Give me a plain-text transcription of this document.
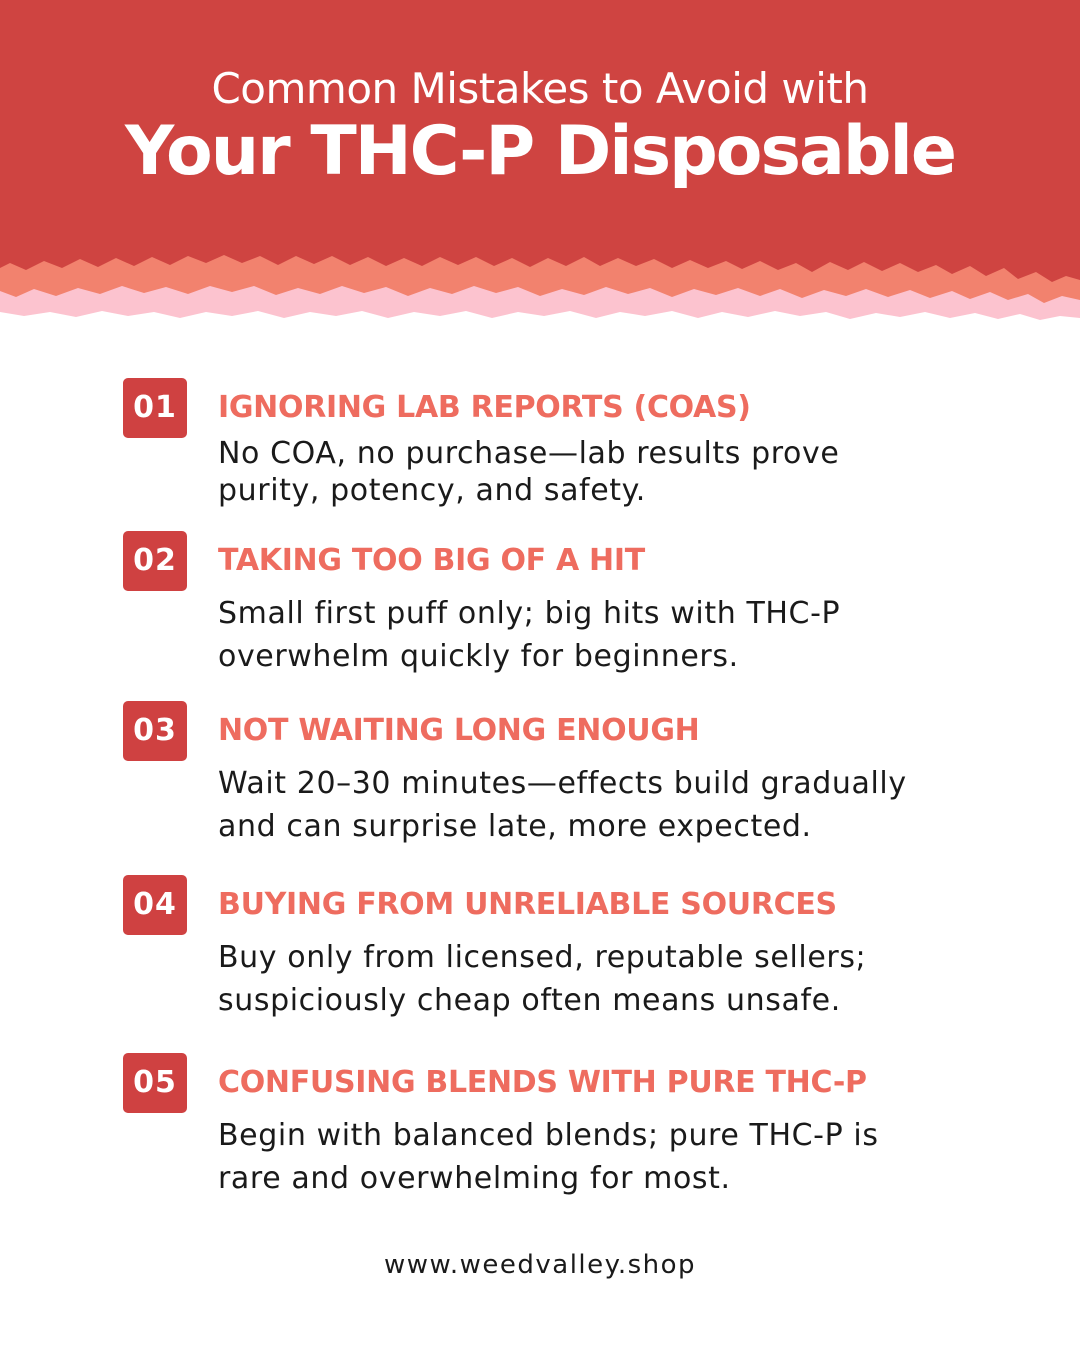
Common Mistakes to Avoid with
Your THC-P Disposable
01	IGNORING LAB REPORTS (COAS)
No COA, no purchase—lab results prove
purity, potency, and safety.
02	TAKING TOO BIG OF A HIT
Small first puff only; big hits with THC-P
overwhelm quickly for beginners.
03	NOT WAITING LONG ENOUGH
Wait 20–30 minutes—effects build gradually
and can surprise late, more expected.
04	BUYING FROM UNRELIABLE SOURCES
Buy only from licensed, reputable sellers;
suspiciously cheap often means unsafe.
05	CONFUSING BLENDS WITH PURE THC-P
Begin with balanced blends; pure THC-P is
rare and overwhelming for most.
www.weedvalley.shop
